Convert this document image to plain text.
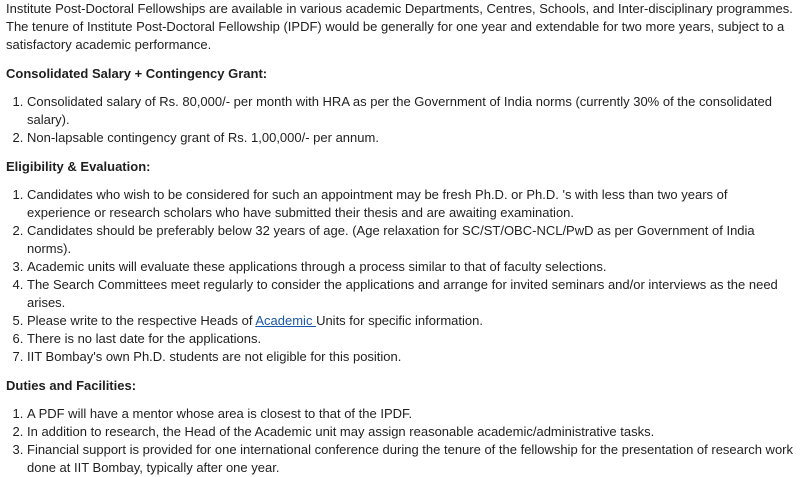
Institute Post-Doctoral Fellowships are available in various academic Departments, Centres, Schools, and Inter-disciplinary programmes. The tenure of Institute Post-Doctoral Fellowship (IPDF) would be generally for one year and extendable for two more years, subject to a satisfactory academic performance.

Consolidated Salary + Contingency Grant:
1. Consolidated salary of Rs. 80,000/- per month with HRA as per the Government of India norms (currently 30% of the consolidated salary).
2. Non-lapsable contingency grant of Rs. 1,00,000/- per annum.
Eligibility & Evaluation:
1. Candidates who wish to be considered for such an appointment may be fresh Ph.D. or Ph.D. 's with less than two years of experience or research scholars who have submitted their thesis and are awaiting examination.
2. Candidates should be preferably below 32 years of age. (Age relaxation for SC/ST/OBC-NCL/PwD as per Government of India norms).
3. Academic units will evaluate these applications through a process similar to that of faculty selections.
4. The Search Committees meet regularly to consider the applications and arrange for invited seminars and/or interviews as the need arises.
5. Please write to the respective Heads of Academic Units for specific information.
6. There is no last date for the applications.
7. IIT Bombay's own Ph.D. students are not eligible for this position.
Duties and Facilities:
1. A PDF will have a mentor whose area is closest to that of the IPDF.
2. In addition to research, the Head of the Academic unit may assign reasonable academic/administrative tasks.
3. Financial support is provided for one international conference during the tenure of the fellowship for the presentation of research work done at IIT Bombay, typically after one year.
